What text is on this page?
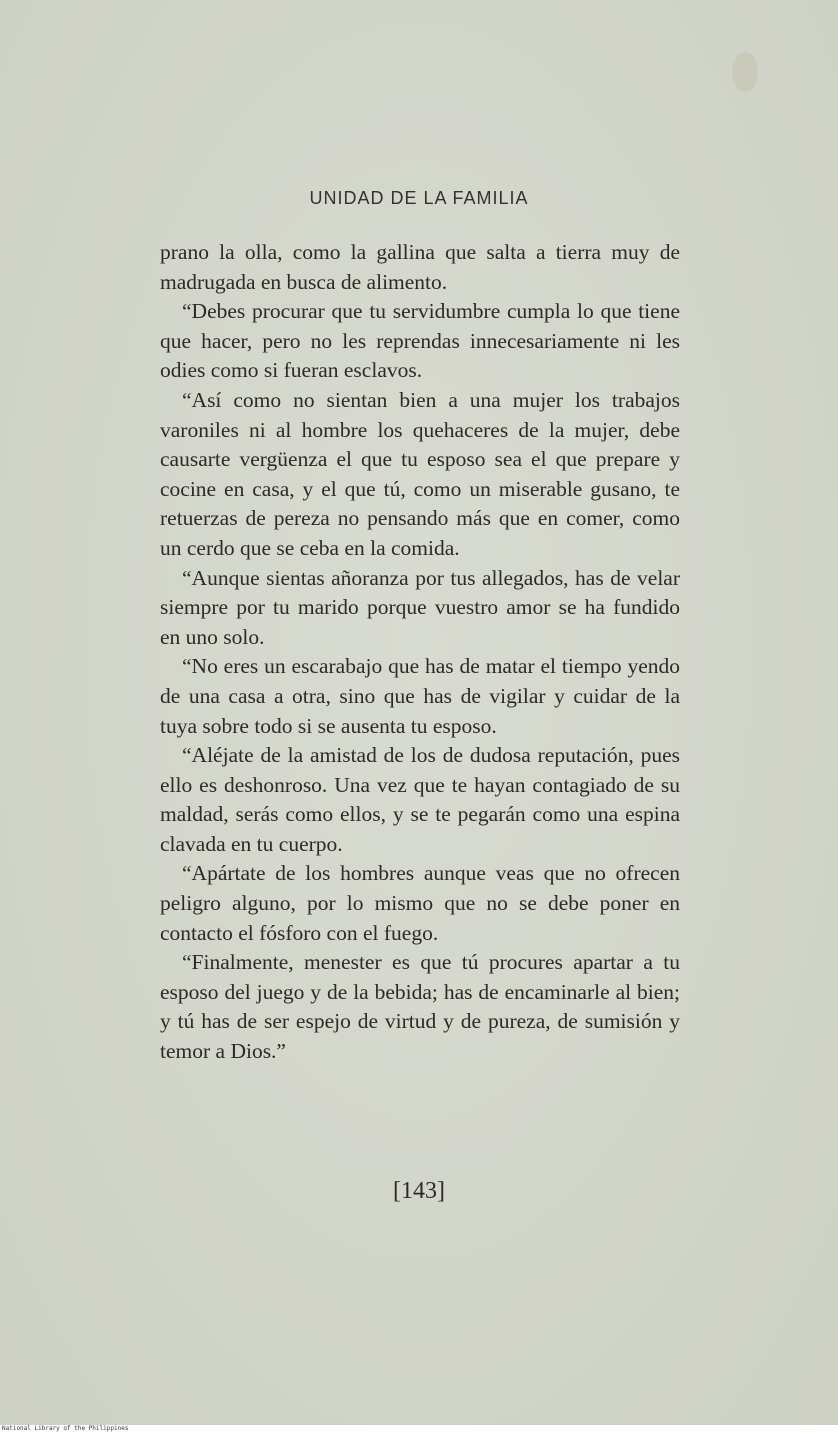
UNIDAD DE LA FAMILIA

prano la olla, como la gallina que salta a tierra muy de madrugada en busca de alimento.

“Debes procurar que tu servidumbre cumpla lo que tiene que hacer, pero no les reprendas innecesariamente ni les odies como si fueran esclavos.

“Así como no sientan bien a una mujer los trabajos varoniles ni al hombre los quehaceres de la mujer, debe causarte vergüenza el que tu esposo sea el que prepare y cocine en casa, y el que tú, como un miserable gusano, te retuerzas de pereza no pensando más que en comer, como un cerdo que se ceba en la comida.

“Aunque sientas añoranza por tus allegados, has de velar siempre por tu marido porque vuestro amor se ha fundido en uno solo.

“No eres un escarabajo que has de matar el tiempo yendo de una casa a otra, sino que has de vigilar y cuidar de la tuya sobre todo si se ausenta tu esposo.

“Aléjate de la amistad de los de dudosa reputación, pues ello es deshonroso. Una vez que te hayan contagiado de su maldad, serás como ellos, y se te pegarán como una espina clavada en tu cuerpo.

“Apártate de los hombres aunque veas que no ofrecen peligro alguno, por lo mismo que no se debe poner en contacto el fósforo con el fuego.

“Finalmente, menester es que tú procures apartar a tu esposo del juego y de la bebida; has de encaminarle al bien; y tú has de ser espejo de virtud y de pureza, de sumisión y temor a Dios.”

[143]
National Library of the Philippines
